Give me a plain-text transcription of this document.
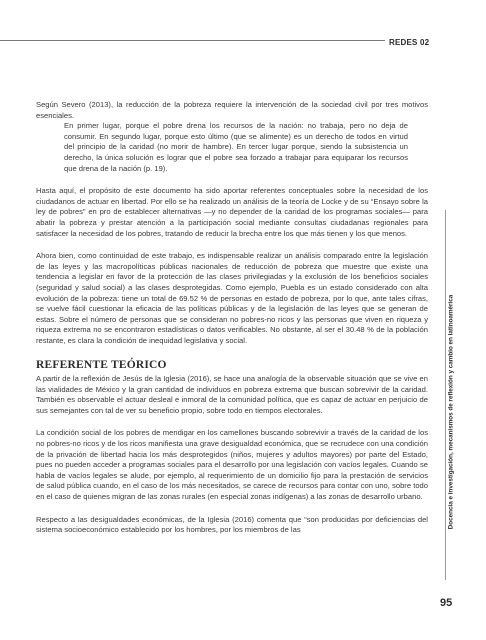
REDES 02

Según Severo (2013), la reducción de la pobreza requiere la intervención de la sociedad civil por tres motivos esenciales.

En primer lugar, porque el pobre drena los recursos de la nación: no trabaja, pero no deja de consumir. En segundo lugar, porque esto último (que se alimente) es un derecho de todos en virtud del principio de la caridad (no morir de hambre). En tercer lugar porque, siendo la subsistencia un derecho, la única solución es lograr que el pobre sea forzado a trabajar para equiparar los recursos que drena de la nación (p. 19).

Hasta aquí, el propósito de este documento ha sido aportar referentes conceptuales sobre la necesidad de los ciudadanos de actuar en libertad. Por ello se ha realizado un análisis de la teoría de Locke y de su “Ensayo sobre la ley de pobres” en pro de establecer alternativas —y no depender de la caridad de los programas sociales— para abatir la pobreza y prestar atención a la participación social mediante consultas ciudadanas regionales para satisfacer la necesidad de los pobres, tratando de reducir la brecha entre los que más tienen y los que menos.

Ahora bien, como continuidad de este trabajo, es indispensable realizar un análisis comparado entre la legislación de las leyes y las macropolíticas públicas nacionales de reducción de pobreza que muestre que existe una tendencia a legislar en favor de la protección de las clases privilegiadas y la exclusión de los beneficios sociales (seguridad y salud social) a las clases desprotegidas. Como ejemplo, Puebla es un estado considerado con alta evolución de la pobreza: tiene un total de 69.52 % de personas en estado de pobreza, por lo que, ante tales cifras, se vuelve fácil cuestionar la eficacia de las políticas públicas y de la legislación de las leyes que se generan de estas. Sobre el número de personas que se consideran no pobres-no ricos y las personas que viven en riqueza y riqueza extrema no se encontraron estadísticas o datos verificables. No obstante, al ser el 30.48 % de la población restante, es clara la condición de inequidad legislativa y social.

REFERENTE TEÓRICO

A partir de la reflexión de Jesús de la Iglesia (2016), se hace una analogía de la observable situación que se vive en las vialidades de México y la gran cantidad de individuos en pobreza extrema que buscan sobrevivir de la caridad. También es observable el actuar desleal e inmoral de la comunidad política, que es capaz de actuar en perjuicio de sus semejantes con tal de ver su beneficio propio, sobre todo en tiempos electorales.

La condición social de los pobres de mendigar en los camellones buscando sobrevivir a través de la caridad de los no pobres-no ricos y de los ricos manifiesta una grave desigualdad económica, que se recrudece con una condición de la privación de libertad hacia los más desprotegidos (niños, mujeres y adultos mayores) por parte del Estado, pues no pueden acceder a programas sociales para el desarrollo por una legislación con vacíos legales. Cuando se habla de vacíos legales se alude, por ejemplo, al requerimiento de un domicilio fijo para la prestación de servicios de salud pública cuando, en el caso de los más necesitados, se carece de recursos para contar con uno, sobre todo en el caso de quienes migran de las zonas rurales (en especial zonas indígenas) a las zonas de desarrollo urbano.

Respecto a las desigualdades económicas, de la Iglesia (2016) comenta que “son producidas por deficiencias del sistema socioeconómico establecido por los hombres, por los miembros de las

Docencia e investigación, mecanismos de reflexión y cambio en latinoamérica
95
